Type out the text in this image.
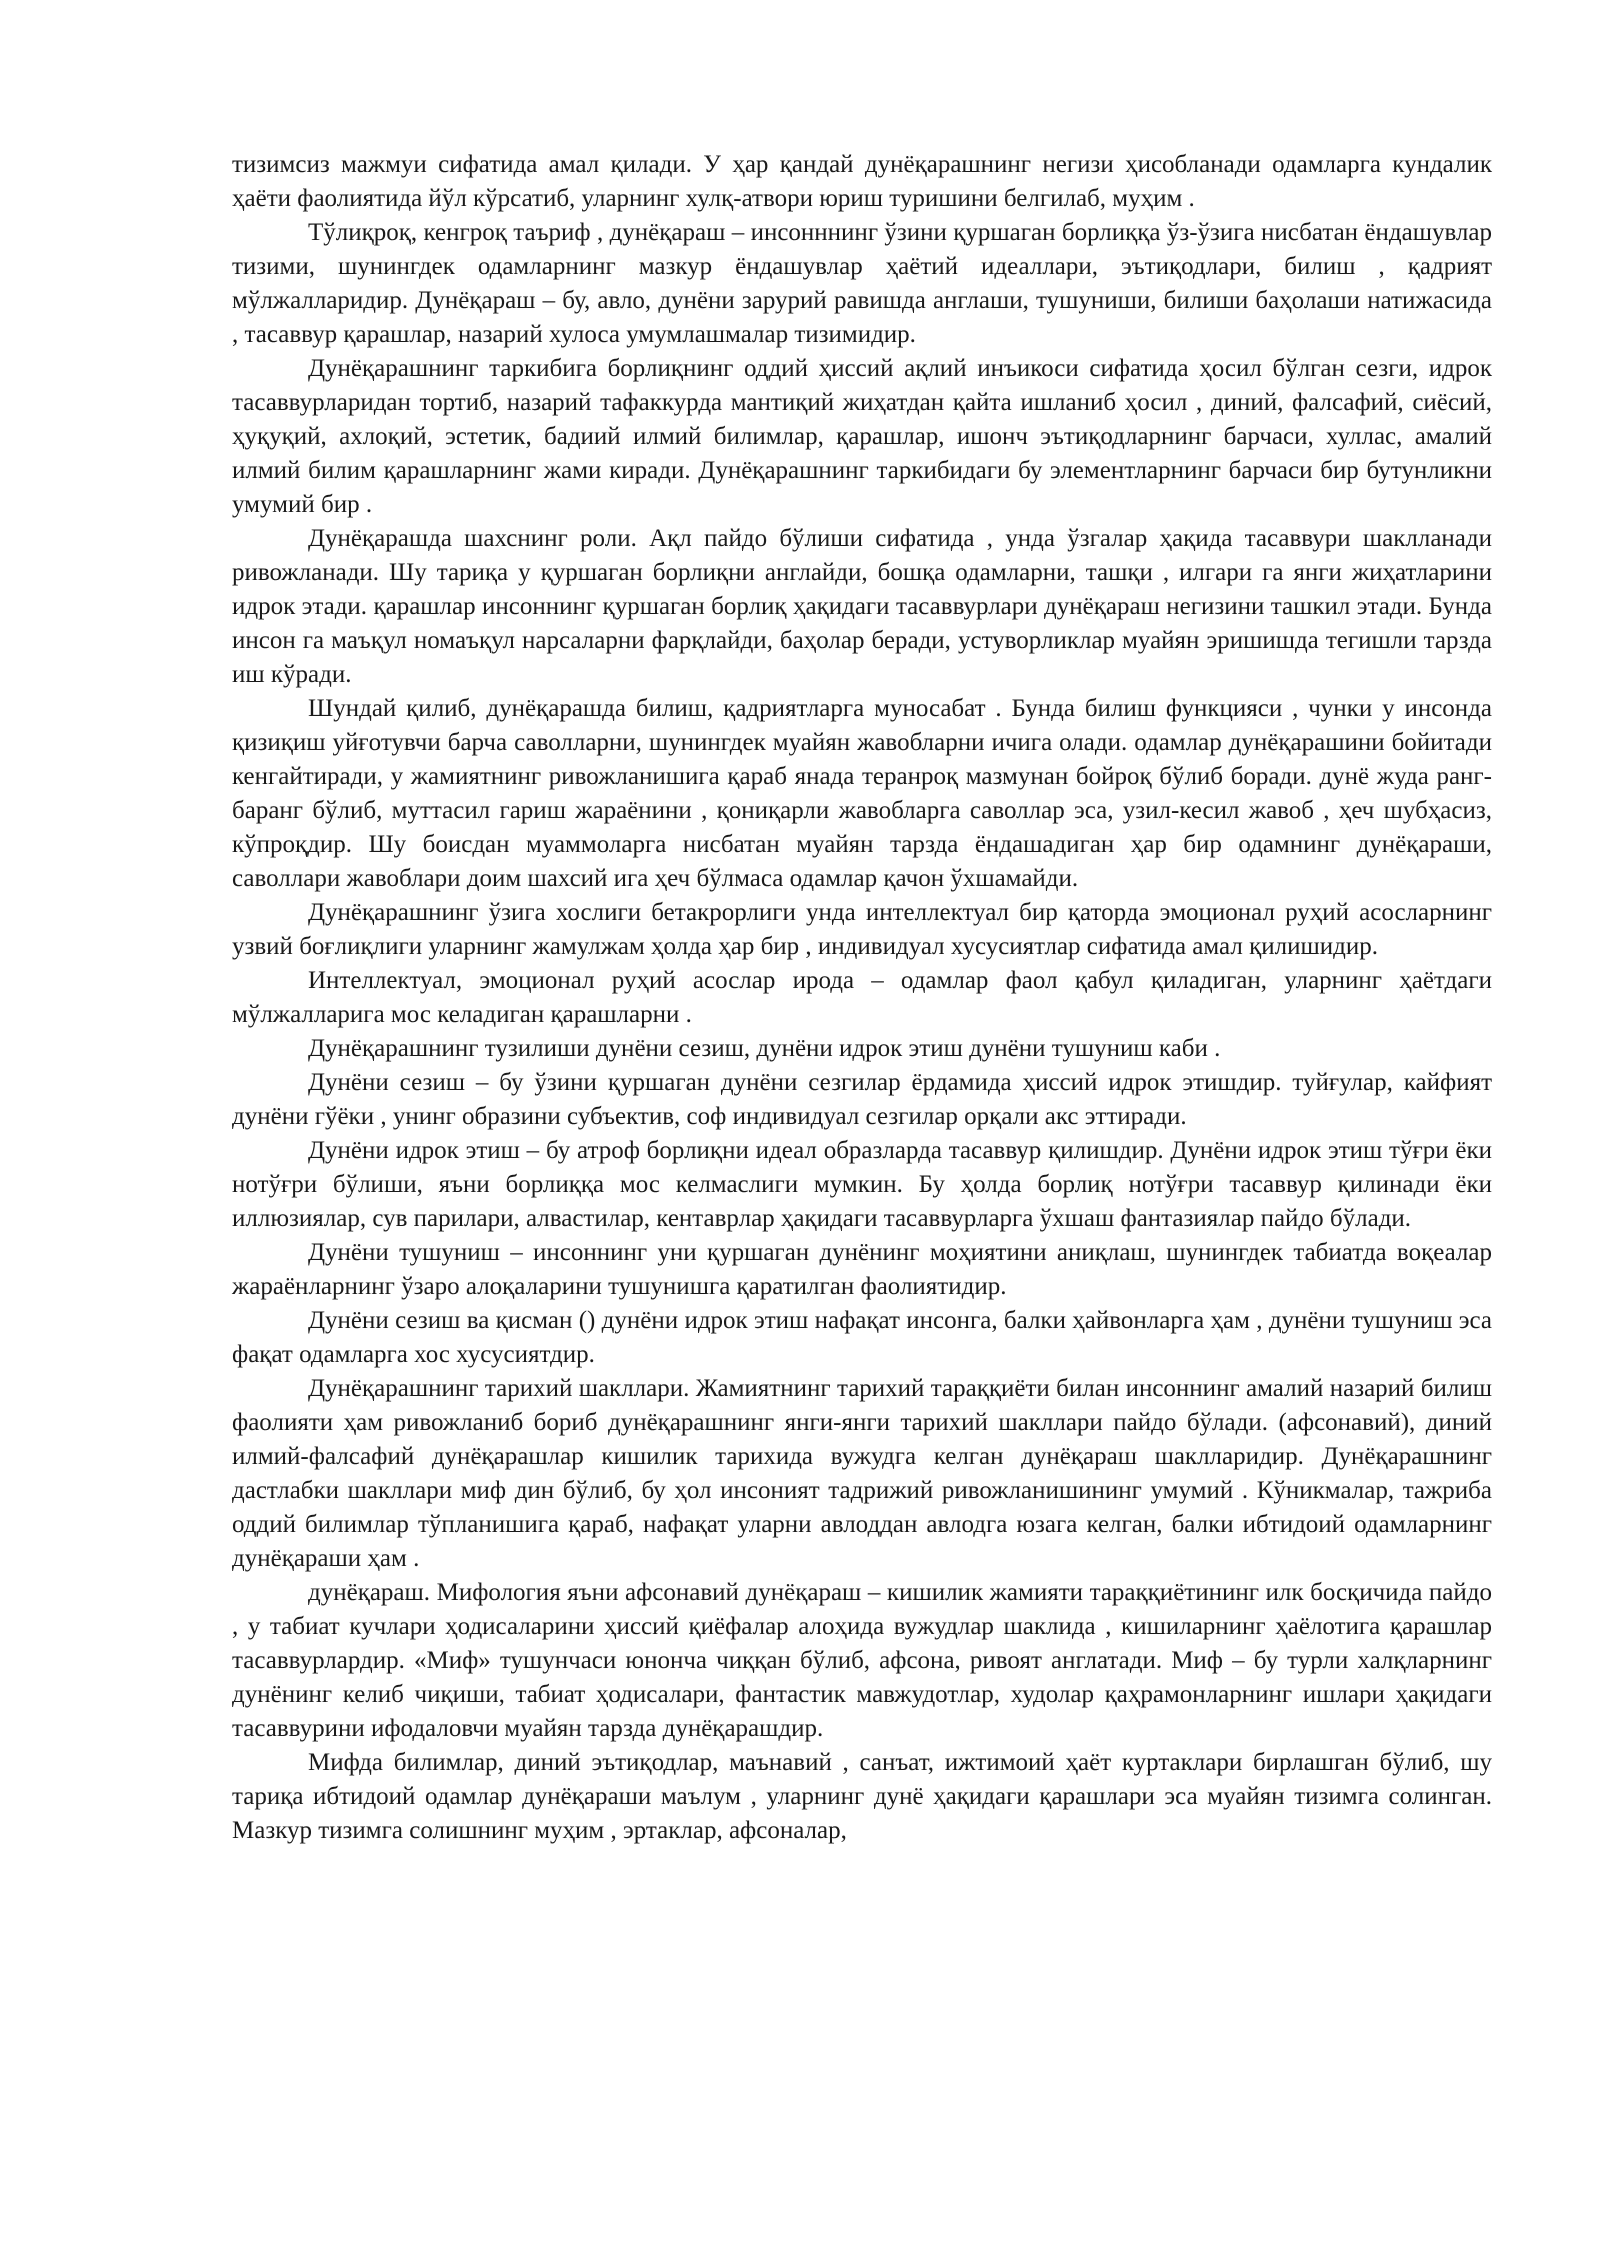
тизимсиз мажмуи сифатида амал қилади. У ҳар қандай дунёқарашнинг негизи ҳисобланади одамларга кундалик ҳаёти фаолиятида йўл кўрсатиб, уларнинг хулқ-атвори юриш туришини белгилаб, муҳим .

Тўлиқроқ, кенгроқ таъриф , дунёқараш – инсонннинг ўзини қуршаган борлиққа ўз-ўзига нисбатан ёндашувлар тизими, шунингдек одамларнинг мазкур ёндашувлар ҳаётий идеаллари, эътиқодлари, билиш , қадрият мўлжалларидир. Дунёқараш – бу, авло, дунёни зарурий равишда англаши, тушуниши, билиши баҳолаши натижасида , тасаввур қарашлар, назарий хулоса умумлашмалар тизимидир.

Дунёқарашнинг таркибига борлиқнинг оддий ҳиссий ақлий инъикоси сифатида ҳосил бўлган сезги, идрок тасаввурларидан тортиб, назарий тафаккурда мантиқий жиҳатдан қайта ишланиб ҳосил , диний, фалсафий, сиёсий, ҳуқуқий, ахлоқий, эстетик, бадиий илмий билимлар, қарашлар, ишонч эътиқодларнинг барчаси, хуллас, амалий илмий билим қарашларнинг жами киради. Дунёқарашнинг таркибидаги бу элементларнинг барчаси бир бутунликни умумий бир .

Дунёқарашда шахснинг роли. Ақл пайдо бўлиши сифатида , унда ўзгалар ҳақида тасаввури шаклланади ривожланади. Шу тариқа у қуршаган борлиқни англайди, бошқа одамларни, ташқи , илгари га янги жиҳатларини идрок этади. қарашлар инсоннинг қуршаган борлиқ ҳақидаги тасаввурлари дунёқараш негизини ташкил этади. Бунда инсон га маъқул номаъқул нарсаларни фарқлайди, баҳолар беради, устуворликлар муайян эришишда тегишли тарзда иш кўради.

Шундай қилиб, дунёқарашда билиш, қадриятларга муносабат . Бунда билиш функцияси , чунки у инсонда қизиқиш уйғотувчи барча саволларни, шунингдек муайян жавобларни ичига олади. одамлар дунёқарашини бойитади кенгайтиради, у жамиятнинг ривожланишига қараб янада теранроқ мазмунан бойроқ бўлиб боради. дунё жуда ранг-баранг бўлиб, муттасил гариш жараёнини , қониқарли жавобларга саволлар эса, узил-кесил жавоб , ҳеч шубҳасиз, кўпроқдир. Шу боисдан муаммоларга нисбатан муайян тарзда ёндашадиган ҳар бир одамнинг дунёқараши, саволлари жавоблари доим шахсий ига ҳеч бўлмаса одамлар қачон ўхшамайди.

Дунёқарашнинг ўзига хослиги бетакрорлиги унда интеллектуал бир қаторда эмоционал руҳий асосларнинг узвий боғлиқлиги уларнинг жамулжам ҳолда ҳар бир , индивидуал хусусиятлар сифатида амал қилишидир.

Интеллектуал, эмоционал руҳий асослар ирода – одамлар фаол қабул қиладиган, уларнинг ҳаётдаги мўлжалларига мос келадиган қарашларни .

Дунёқарашнинг тузилиши дунёни сезиш, дунёни идрок этиш дунёни тушуниш каби .

Дунёни сезиш – бу ўзини қуршаган дунёни сезгилар ёрдамида ҳиссий идрок этишдир. туйғулар, кайфият дунёни гўёки , унинг образини субъектив, соф индивидуал сезгилар орқали акс эттиради.

Дунёни идрок этиш – бу атроф борлиқни идеал образларда тасаввур қилишдир. Дунёни идрок этиш тўғри ёки нотўғри бўлиши, яъни борлиққа мос келмаслиги мумкин. Бу ҳолда борлиқ нотўғри тасаввур қилинади ёки иллюзиялар, сув парилари, алвастилар, кентаврлар ҳақидаги тасаввурларга ўхшаш фантазиялар пайдо бўлади.

Дунёни тушуниш – инсоннинг уни қуршаган дунёнинг моҳиятини аниқлаш, шунингдек табиатда воқеалар жараёнларнинг ўзаро алоқаларини тушунишга қаратилган фаолиятидир.

Дунёни сезиш ва қисман () дунёни идрок этиш нафақат инсонга, балки ҳайвонларга ҳам , дунёни тушуниш эса фақат одамларга хос хусусиятдир.

Дунёқарашнинг тарихий шакллари. Жамиятнинг тарихий тараққиёти билан инсоннинг амалий назарий билиш фаолияти ҳам ривожланиб бориб дунёқарашнинг янги-янги тарихий шакллари пайдо бўлади. (афсонавий), диний илмий-фалсафий дунёқарашлар кишилик тарихида вужудга келган дунёқараш шаклларидир. Дунёқарашнинг дастлабки шакллари миф дин бўлиб, бу ҳол инсоният тадрижий ривожланишининг умумий . Кўникмалар, тажриба оддий билимлар тўпланишига қараб, нафақат уларни авлоддан авлодга юзага келган, балки ибтидоий одамларнинг дунёқараши ҳам .

дунёқараш. Мифология яъни афсонавий дунёқараш – кишилик жамияти тараққиётининг илк босқичида пайдо , у табиат кучлари ҳодисаларини ҳиссий қиёфалар алоҳида вужудлар шаклида , кишиларнинг ҳаёлотига қарашлар тасаввурлардир. «Миф» тушунчаси юнонча чиққан бўлиб, афсона, ривоят англатади. Миф – бу турли халқларнинг дунёнинг келиб чиқиши, табиат ҳодисалари, фантастик мавжудотлар, худолар қаҳрамонларнинг ишлари ҳақидаги тасаввурини ифодаловчи муайян тарзда дунёқарашдир.

Мифда билимлар, диний эътиқодлар, маънавий , санъат, ижтимоий ҳаёт куртаклари бирлашган бўлиб, шу тариқа ибтидоий одамлар дунёқараши маълум , уларнинг дунё ҳақидаги қарашлари эса муайян тизимга солинган. Мазкур тизимга солишнинг муҳим , эртаклар, афсоналар,
